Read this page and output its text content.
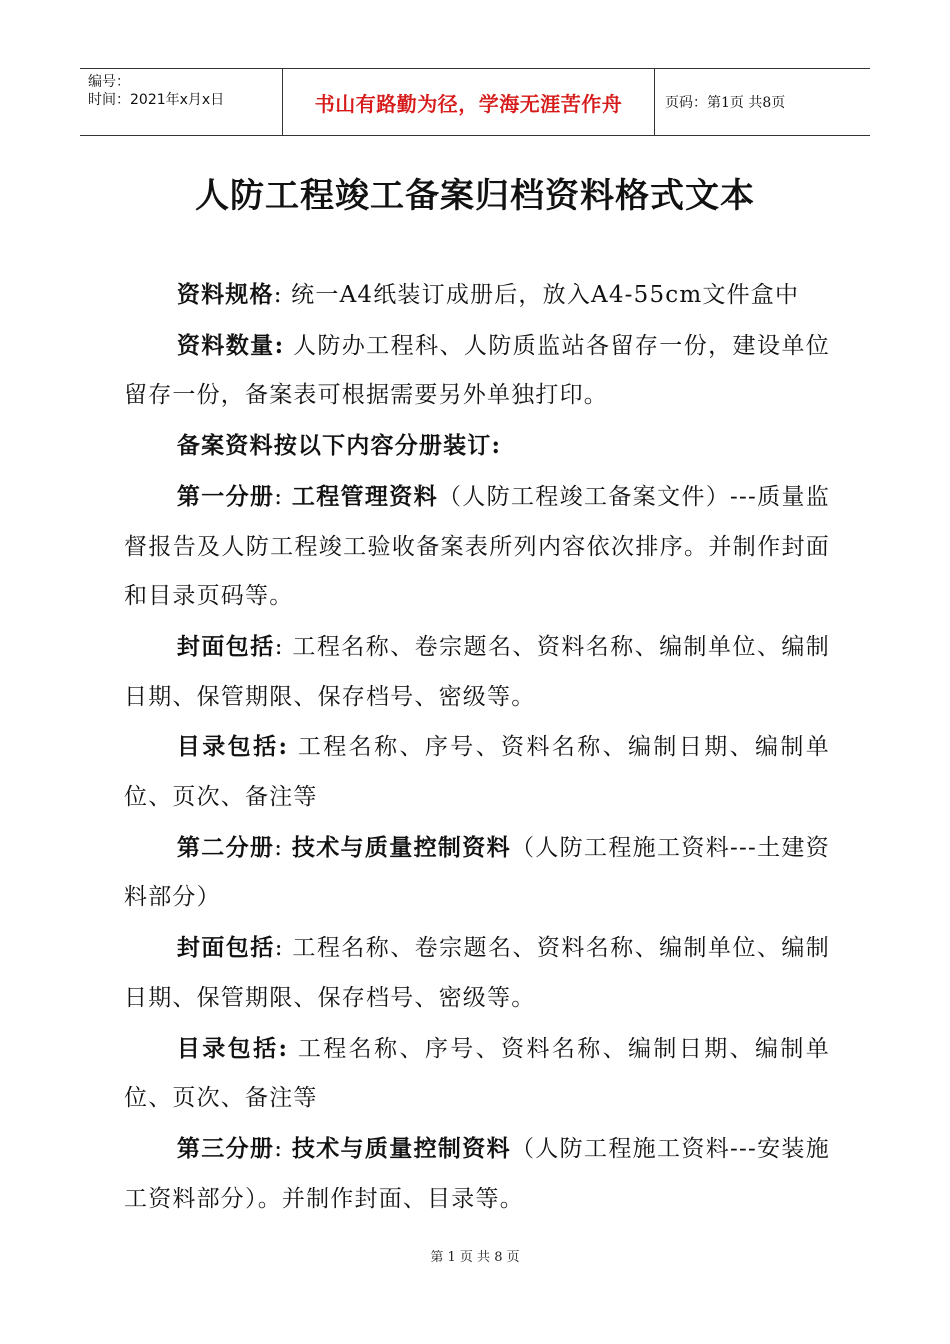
编号：
时间：2021年x月x日	书山有路勤为径，学海无涯苦作舟	页码：第1页 共8页
人防工程竣工备案归档资料格式文本

资料规格: 统一A4纸装订成册后，放入A4-55cm文件盒中

资料数量: 人防办工程科、人防质监站各留存一份，建设单位留存一份，备案表可根据需要另外单独打印。

备案资料按以下内容分册装订:

第一分册: 工程管理资料（人防工程竣工备案文件）---质量监督报告及人防工程竣工验收备案表所列内容依次排序。并制作封面和目录页码等。

封面包括: 工程名称、卷宗题名、资料名称、编制单位、编制日期、保管期限、保存档号、密级等。

目录包括: 工程名称、序号、资料名称、编制日期、编制单位、页次、备注等

第二分册: 技术与质量控制资料（人防工程施工资料---土建资料部分）

封面包括: 工程名称、卷宗题名、资料名称、编制单位、编制日期、保管期限、保存档号、密级等。

目录包括: 工程名称、序号、资料名称、编制日期、编制单位、页次、备注等

第三分册: 技术与质量控制资料（人防工程施工资料---安装施工资料部分）。并制作封面、目录等。

第 1 页 共 8 页
